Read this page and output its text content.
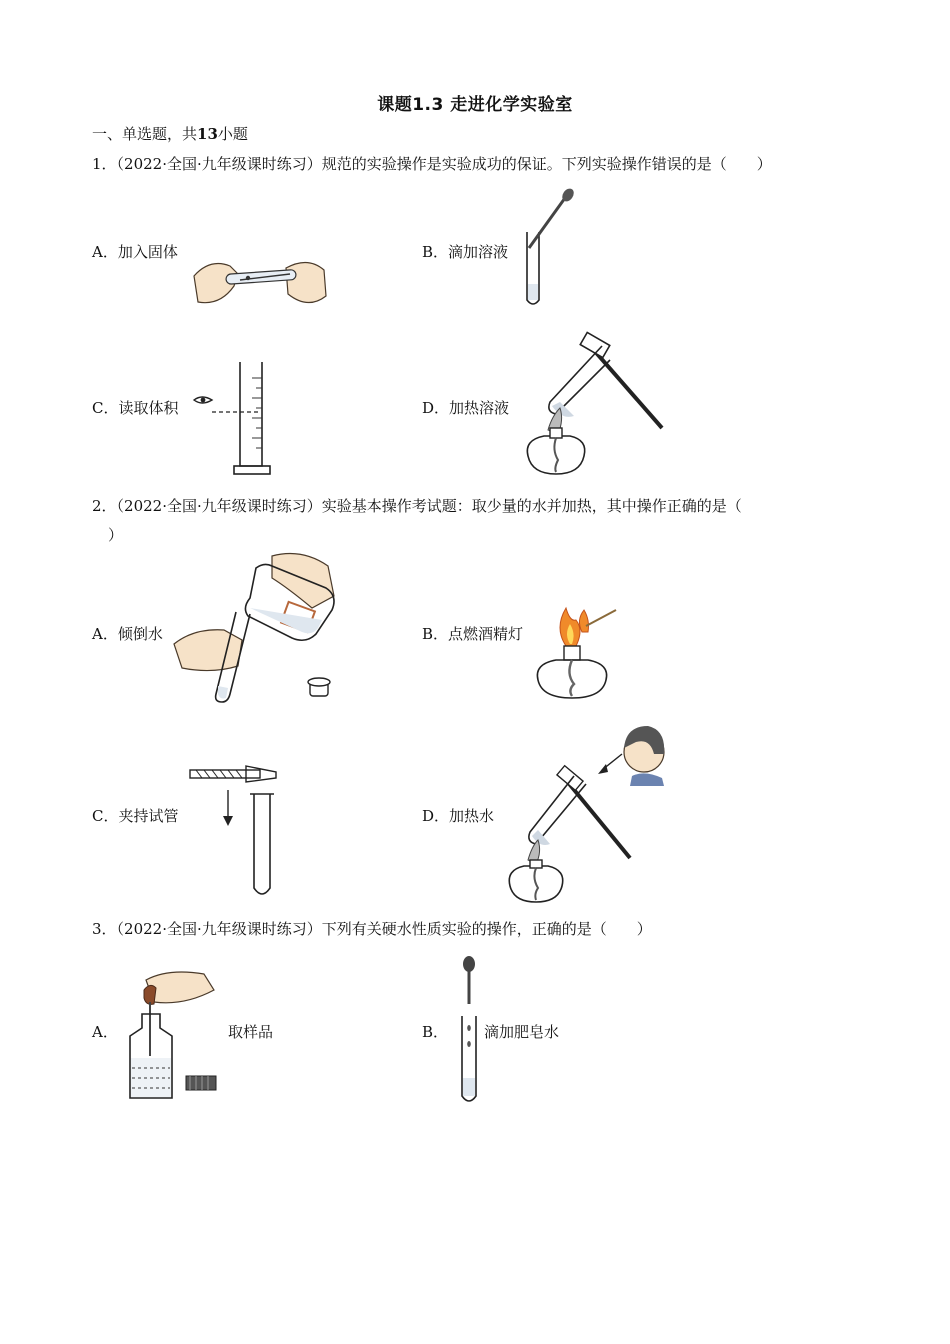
课题1.3 走进化学实验室
一、单选题，共13小题
1．（2022·全国·九年级课时练习）规范的实验操作是实验成功的保证。下列实验操作错误的是（　　）
A．加入固体	B．滴加溶液
C．读取体积	D．加热溶液
2．（2022·全国·九年级课时练习）实验基本操作考试题：取少量的水并加热，其中操作正确的是（
）
A．倾倒水	B．点燃酒精灯
C．夹持试管	D．加热水
3．（2022·全国·九年级课时练习）下列有关硬水性质实验的操作，正确的是（　　）
A．	取样品	B． 滴加肥皂水
